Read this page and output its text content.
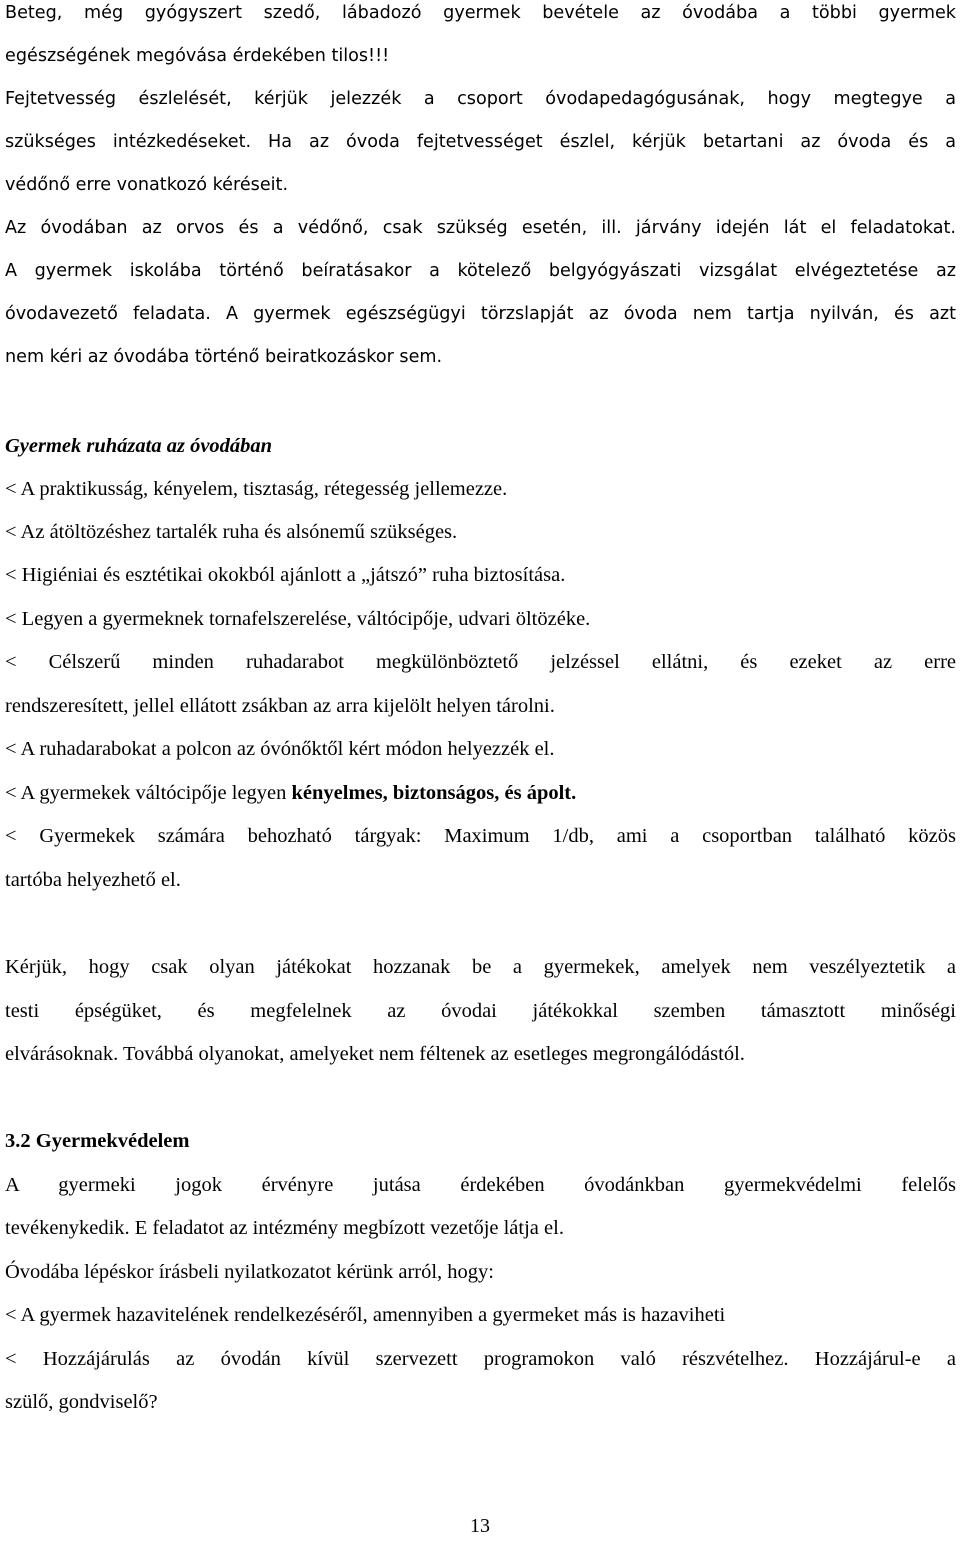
Beteg, még gyógyszert szedő, lábadozó gyermek bevétele az óvodába a többi gyermek
egészségének megóvása érdekében tilos!!!
Fejtetvesség észlelését, kérjük jelezzék a csoport óvodapedagógusának, hogy megtegye a
szükséges intézkedéseket. Ha az óvoda fejtetvességet észlel, kérjük betartani az óvoda és a
védőnő erre vonatkozó kéréseit.
Az óvodában az orvos és a védőnő, csak szükség esetén, ill. járvány idején lát el feladatokat.
A gyermek iskolába történő beíratásakor a kötelező belgyógyászati vizsgálat elvégeztetése az
óvodavezető feladata. A gyermek egészségügyi törzslapját az óvoda nem tartja nyilván, és azt
nem kéri az óvodába történő beiratkozáskor sem.
Gyermek ruházata az óvodában
< A praktikusság, kényelem, tisztaság, rétegesség jellemezze.
< Az átöltözéshez tartalék ruha és alsónemű szükséges.
< Higiéniai és esztétikai okokból ajánlott a „játszó” ruha biztosítása.
< Legyen a gyermeknek tornafelszerelése, váltócipője, udvari öltözéke.
< Célszerű minden ruhadarabot megkülönböztető jelzéssel ellátni, és ezeket az erre
rendszeresített, jellel ellátott zsákban az arra kijelölt helyen tárolni.
< A ruhadarabokat a polcon az óvónőktől kért módon helyezzék el.
< A gyermekek váltócipője legyen kényelmes, biztonságos, és ápolt.
< Gyermekek számára behozható tárgyak: Maximum 1/db, ami a csoportban található közös
tartóba helyezhető el.
Kérjük, hogy csak olyan játékokat hozzanak be a gyermekek, amelyek nem veszélyeztetik a
testi épségüket, és megfelelnek az óvodai játékokkal szemben támasztott minőségi
elvárásoknak. Továbbá olyanokat, amelyeket nem féltenek az esetleges megrongálódástól.
3.2 Gyermekvédelem
A gyermeki jogok érvényre jutása érdekében óvodánkban gyermekvédelmi felelős
tevékenykedik. E feladatot az intézmény megbízott vezetője látja el.
Óvodába lépéskor írásbeli nyilatkozatot kérünk arról, hogy:
< A gyermek hazavitelének rendelkezéséről, amennyiben a gyermeket más is hazaviheti
< Hozzájárulás az óvodán kívül szervezett programokon való részvételhez. Hozzájárul-e a
szülő, gondviselő?
13
